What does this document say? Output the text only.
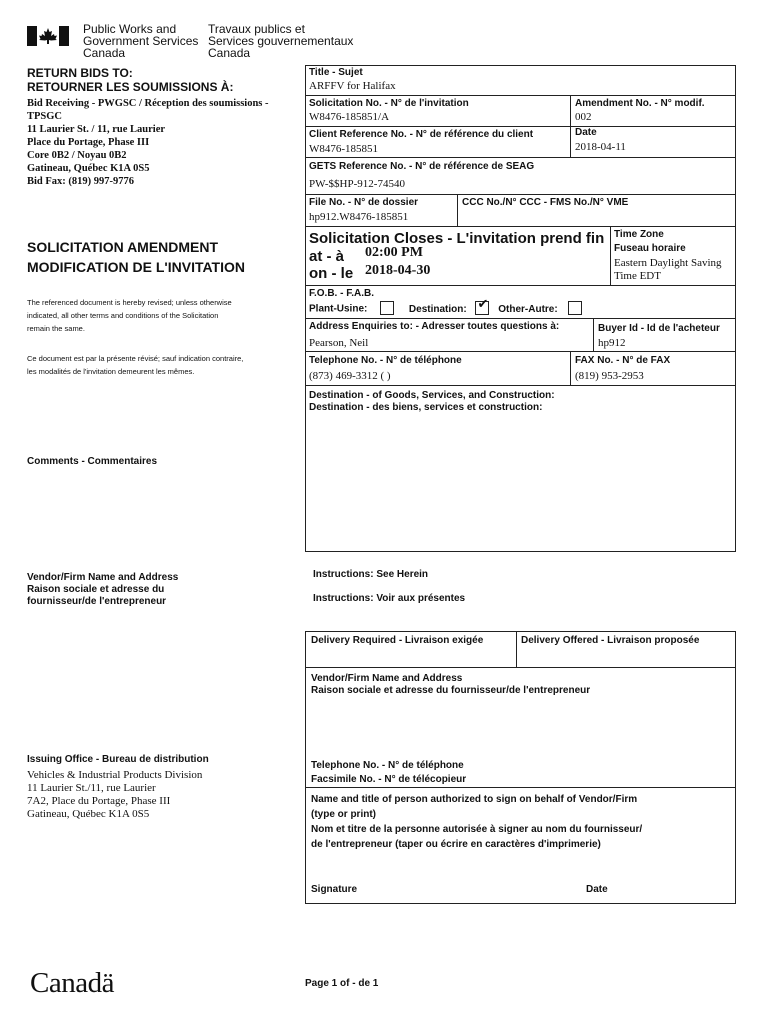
Public Works and
Government Services
Canada
Travaux publics et
Services gouvernementaux
Canada
RETURN BIDS TO:
RETOURNER LES SOUMISSIONS À:
Bid Receiving - PWGSC / Réception des soumissions -
TPSGC
11 Laurier St. / 11, rue Laurier
Place du Portage, Phase III
Core 0B2 / Noyau 0B2
Gatineau, Québec K1A 0S5
Bid Fax: (819) 997-9776
SOLICITATION AMENDMENT
MODIFICATION DE L'INVITATION
The referenced document is hereby revised; unless otherwise
indicated, all other terms and conditions of the Solicitation
remain the same.
Ce document est par la présente révisé; sauf indication contraire,
les modalités de l'invitation demeurent les mêmes.
Comments - Commentaires
Vendor/Firm Name and Address
Raison sociale et adresse du
fournisseur/de l'entrepreneur
Issuing Office - Bureau de distribution
Vehicles & Industrial Products Division
11 Laurier St./11, rue Laurier
7A2, Place du Portage, Phase III
Gatineau, Québec K1A 0S5
Title - Sujet
ARFFV for Halifax
Solicitation No. - N° de l'invitation
W8476-185851/A
Amendment No. - N° modif.
002
Client Reference No. - N° de référence du client
W8476-185851
Date
2018-04-11
GETS Reference No. - N° de référence de SEAG
PW-$$HP-912-74540
File No. - N° de dossier
hp912.W8476-185851
CCC No./N° CCC - FMS No./N° VME
Solicitation Closes - L'invitation prend fin
at - à 02:00 PM
on - le 2018-04-30
Time Zone
Fuseau horaire
Eastern Daylight Saving
Time EDT
F.O.B. - F.A.B.
Plant-Usine:	Destination: ✔	Other-Autre:
Address Enquiries to: - Adresser toutes questions à:
Pearson, Neil
Buyer Id - Id de l'acheteur
hp912
Telephone No. - N° de téléphone
(873) 469-3312 ( )
FAX No. - N° de FAX
(819) 953-2953
Destination - of Goods, Services, and Construction:
Destination - des biens, services et construction:
Instructions: See Herein
Instructions: Voir aux présentes
Delivery Required - Livraison exigée	Delivery Offered - Livraison proposée
Vendor/Firm Name and Address
Raison sociale et adresse du fournisseur/de l'entrepreneur
Telephone No. - N° de téléphone
Facsimile No. - N° de télécopieur
Name and title of person authorized to sign on behalf of Vendor/Firm
(type or print)
Nom et titre de la personne autorisée à signer au nom du fournisseur/
de l'entrepreneur (taper ou écrire en caractères d'imprimerie)
Signature	Date
Canadä	Page 1 of - de 1
